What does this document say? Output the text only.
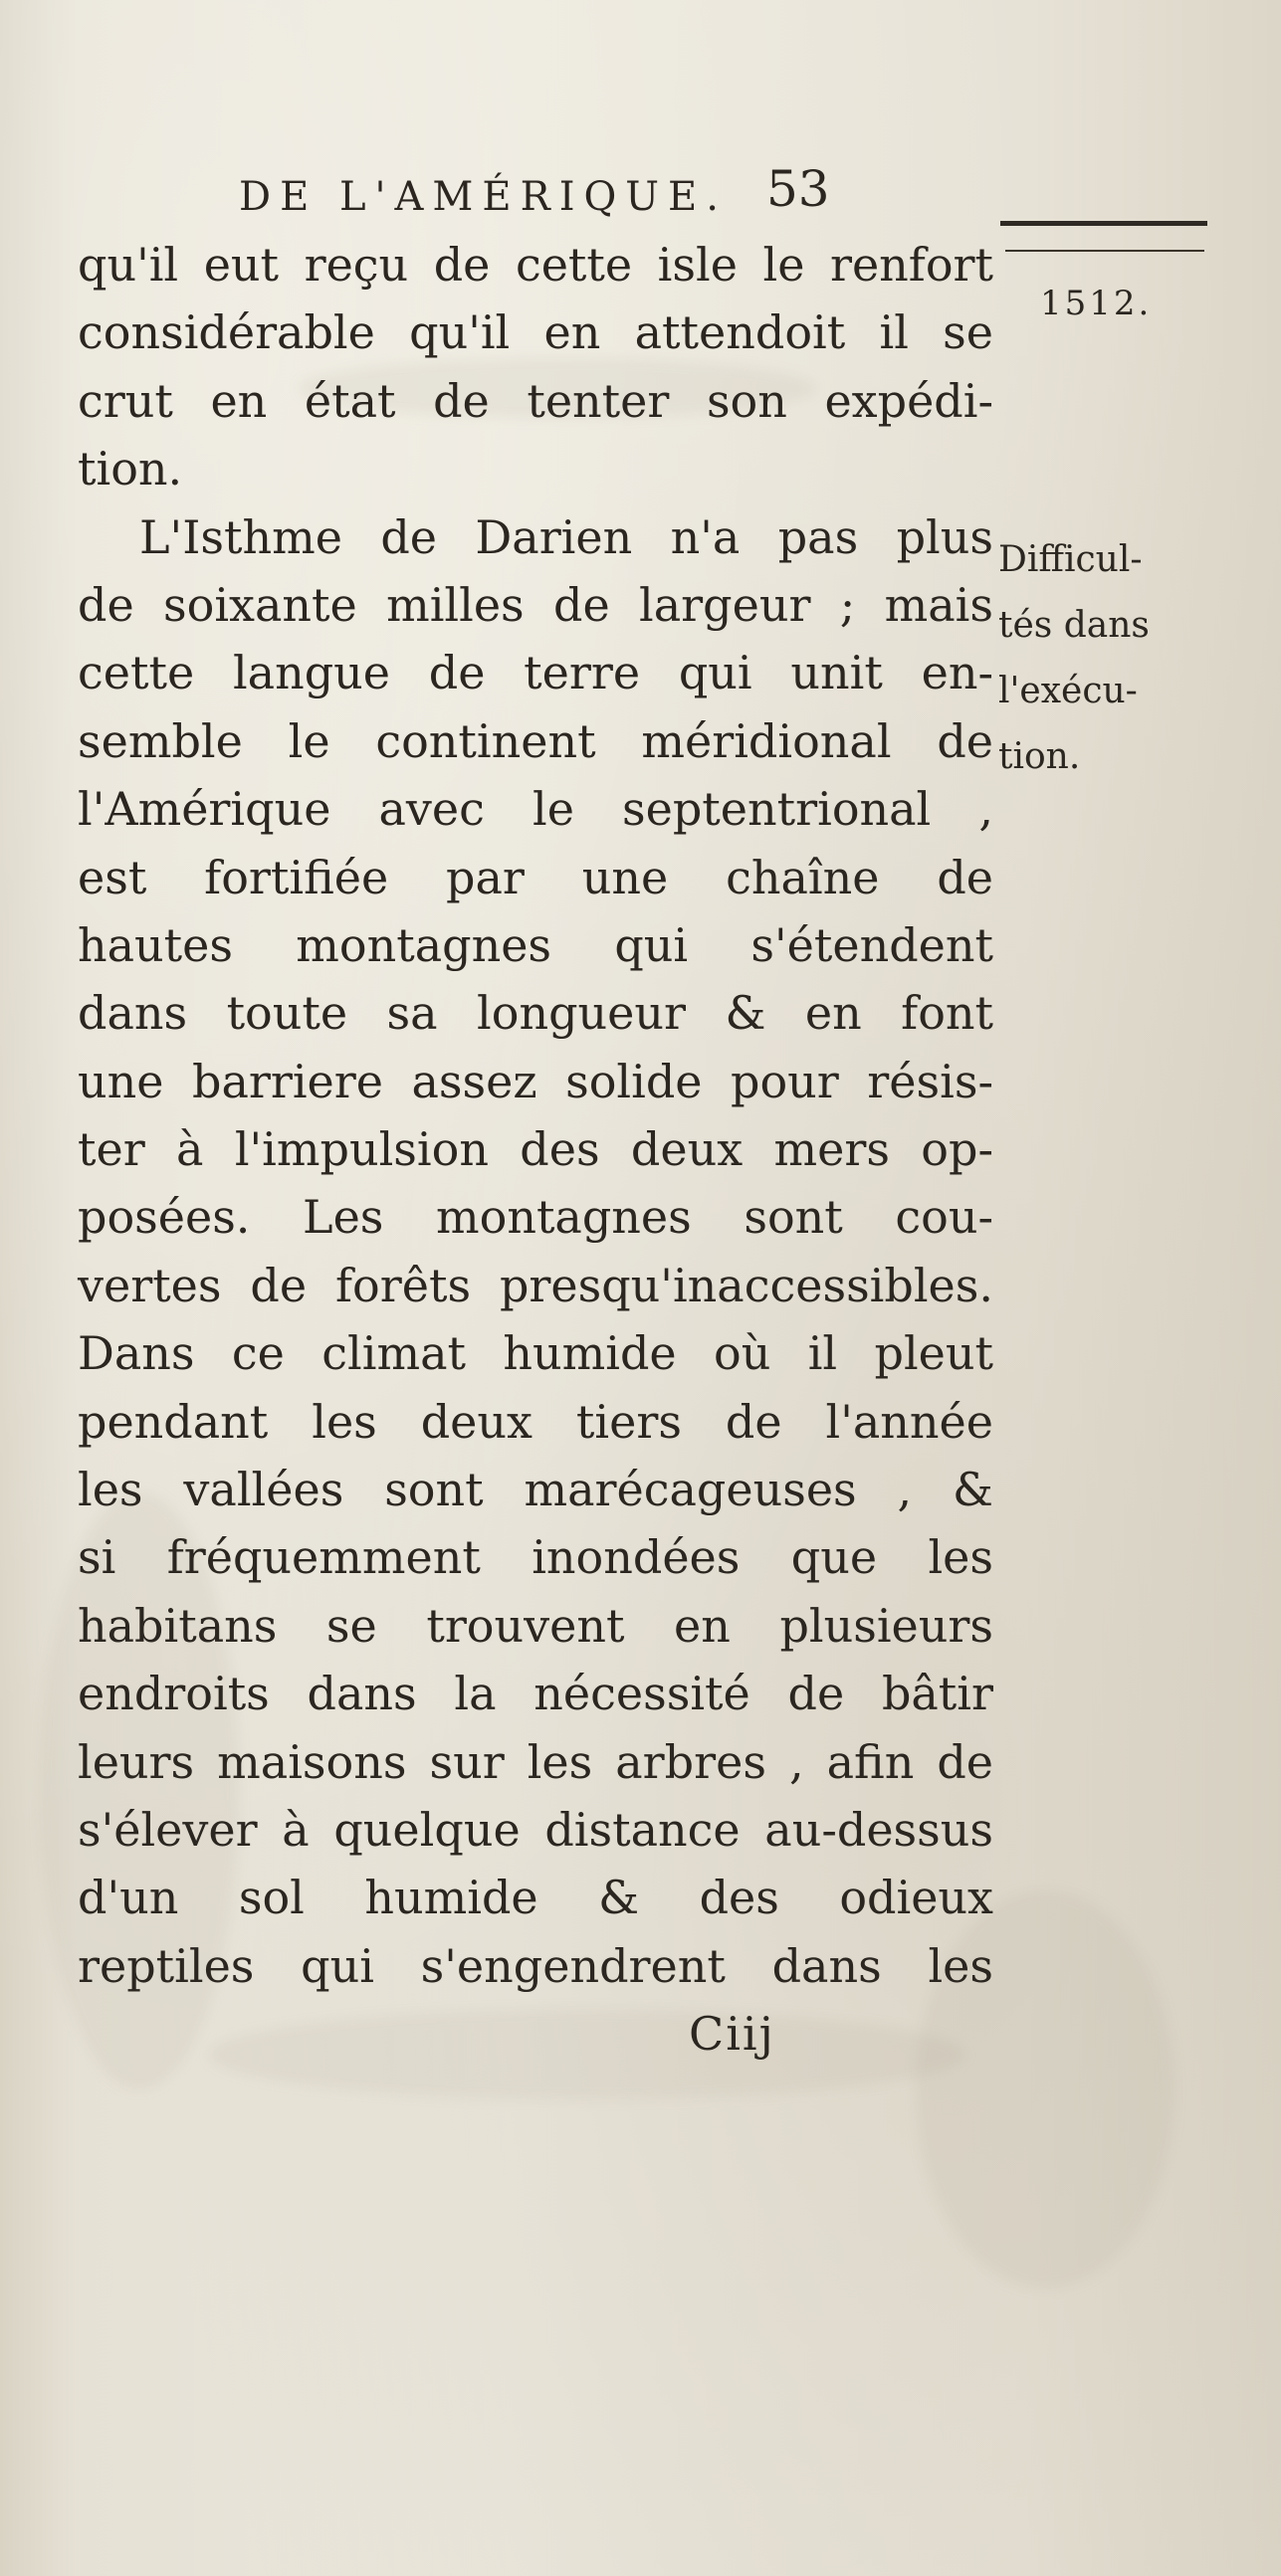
DE L'AMÉRIQUE. 53
1512.
Difficul-
tés dans
l'exécu-
tion.
qu'il eut reçu de cette isle le renfort
considérable qu'il en attendoit il se
crut en état de tenter son expédi-
tion.
L'Isthme de Darien n'a pas plus
de soixante milles de largeur ; mais
cette langue de terre qui unit en-
semble le continent méridional de
l'Amérique avec le septentrional ,
est fortifiée par une chaîne de
hautes montagnes qui s'étendent
dans toute sa longueur & en font
une barriere assez solide pour résis-
ter à l'impulsion des deux mers op-
posées. Les montagnes sont cou-
vertes de forêts presqu'inaccessibles.
Dans ce climat humide où il pleut
pendant les deux tiers de l'année
les vallées sont marécageuses , &
si fréquemment inondées que les
habitans se trouvent en plusieurs
endroits dans la nécessité de bâtir
leurs maisons sur les arbres , afin de
s'élever à quelque distance au-dessus
d'un sol humide & des odieux
reptiles qui s'engendrent dans les
Ciij
